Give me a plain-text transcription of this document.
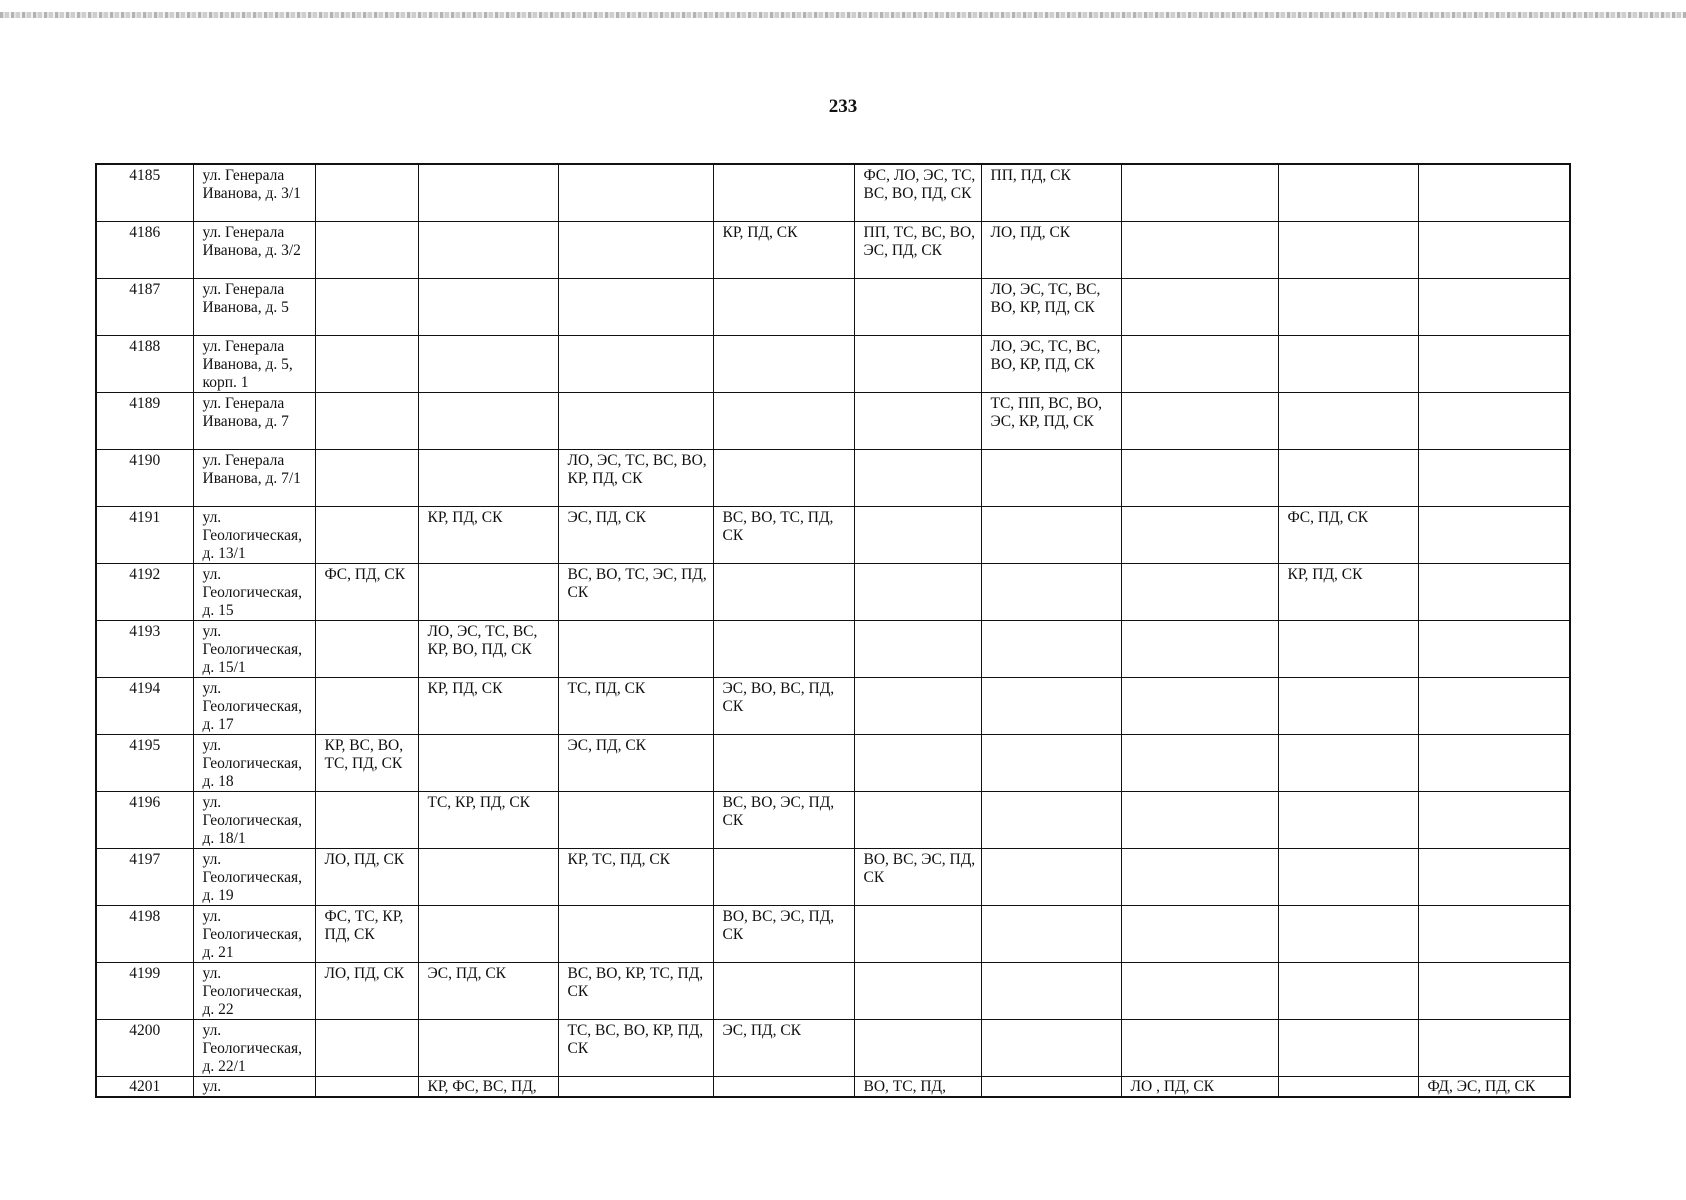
233
4185	ул. Генерала Иванова, д. 3/1					ФС, ЛО, ЭС, ТС, ВС, ВО, ПД, СК	ПП, ПД, СК			
4186	ул. Генерала Иванова, д. 3/2				КР, ПД, СК	ПП, ТС, ВС, ВО, ЭС, ПД, СК	ЛО, ПД, СК			
4187	ул. Генерала Иванова, д. 5						ЛО, ЭС, ТС, ВС, ВО, КР, ПД, СК			
4188	ул. Генерала Иванова, д. 5, корп. 1						ЛО, ЭС, ТС, ВС, ВО, КР, ПД, СК			
4189	ул. Генерала Иванова, д. 7						ТС, ПП, ВС, ВО, ЭС, КР, ПД, СК			
4190	ул. Генерала Иванова, д. 7/1			ЛО, ЭС, ТС, ВС, ВО, КР, ПД, СК						
4191	ул. Геологическая, д. 13/1		КР, ПД, СК	ЭС, ПД, СК	ВС, ВО, ТС, ПД, СК				ФС, ПД, СК	
4192	ул. Геологическая, д. 15	ФС, ПД, СК		ВС, ВО, ТС, ЭС, ПД, СК					КР, ПД, СК	
4193	ул. Геологическая, д. 15/1		ЛО, ЭС, ТС, ВС, КР, ВО, ПД, СК							
4194	ул. Геологическая, д. 17		КР, ПД, СК	ТС, ПД, СК	ЭС, ВО, ВС, ПД, СК					
4195	ул. Геологическая, д. 18	КР, ВС, ВО, ТС, ПД, СК		ЭС, ПД, СК						
4196	ул. Геологическая, д. 18/1		ТС, КР, ПД, СК		ВС, ВО, ЭС, ПД, СК					
4197	ул. Геологическая, д. 19	ЛО, ПД, СК		КР, ТС, ПД, СК		ВО, ВС, ЭС, ПД, СК				
4198	ул. Геологическая, д. 21	ФС, ТС, КР, ПД, СК			ВО, ВС, ЭС, ПД, СК					
4199	ул. Геологическая, д. 22	ЛО, ПД, СК	ЭС, ПД, СК	ВС, ВО, КР, ТС, ПД, СК						
4200	ул. Геологическая, д. 22/1			ТС, ВС, ВО, КР, ПД, СК	ЭС, ПД, СК					
4201	ул.		КР, ФС, ВС, ПД,			ВО, ТС, ПД,		ЛО , ПД, СК		ФД, ЭС, ПД, СК
